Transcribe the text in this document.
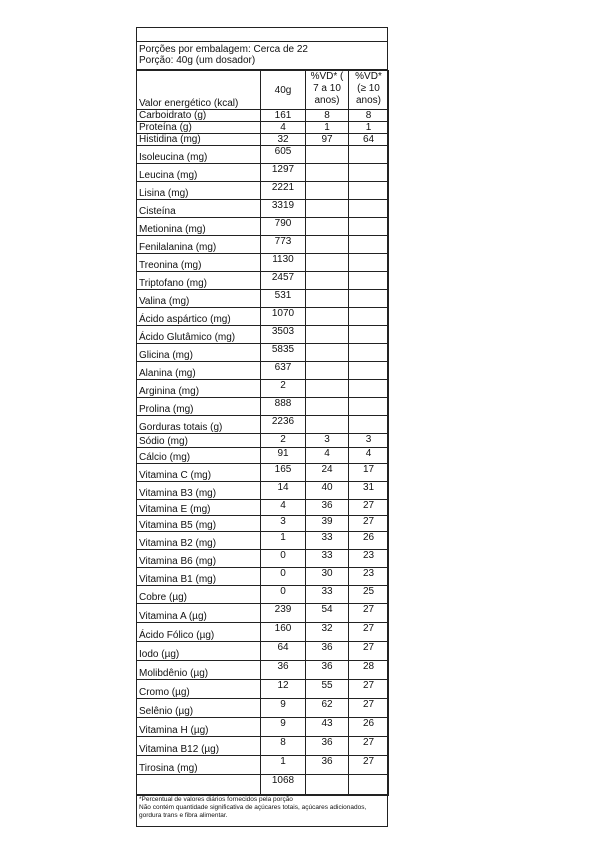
Porções por embalagem: Cerca de 22
Porção: 40g (um dosador)
Valor energético (kcal)	40g	%VD* ( 7 a 10 anos)	%VD* (≥ 10 anos)
Carboidrato (g)	161	8	8
Proteína (g)	4	1	1
Histidina (mg)	32	97	64
Isoleucina (mg)	605		
Leucina (mg)	1297		
Lisina (mg)	2221		
Cisteína	3319		
Metionina (mg)	790		
Fenilalanina (mg)	773		
Treonina (mg)	1130		
Triptofano (mg)	2457		
Valina (mg)	531		
Ácido aspártico (mg)	1070		
Ácido Glutâmico (mg)	3503		
Glicina (mg)	5835		
Alanina (mg)	637		
Arginina (mg)	2		
Prolina (mg)	888		
Gorduras totais (g)	2236		
Sódio (mg)	2	3	3
Cálcio (mg)	91	4	4
Vitamina C (mg)	165	24	17
Vitamina B3 (mg)	14	40	31
Vitamina E (mg)	4	36	27
Vitamina B5 (mg)	3	39	27
Vitamina B2 (mg)	1	33	26
Vitamina B6 (mg)	0	33	23
Vitamina B1 (mg)	0	30	23
Cobre (µg)	0	33	25
Vitamina A (µg)	239	54	27
Ácido Fólico (µg)	160	32	27
Iodo (µg)	64	36	27
Molibdênio (µg)	36	36	28
Cromo (µg)	12	55	27
Selênio (µg)	9	62	27
Vitamina H (µg)	9	43	26
Vitamina B12 (µg)	8	36	27
Tirosina (mg)	1	36	27
	1068		
*Percentual de valores diários fornecidos pela porção
Não contém quantidade significativa de açúcares totais, açúcares adicionados,
gordura trans e fibra alimentar.
